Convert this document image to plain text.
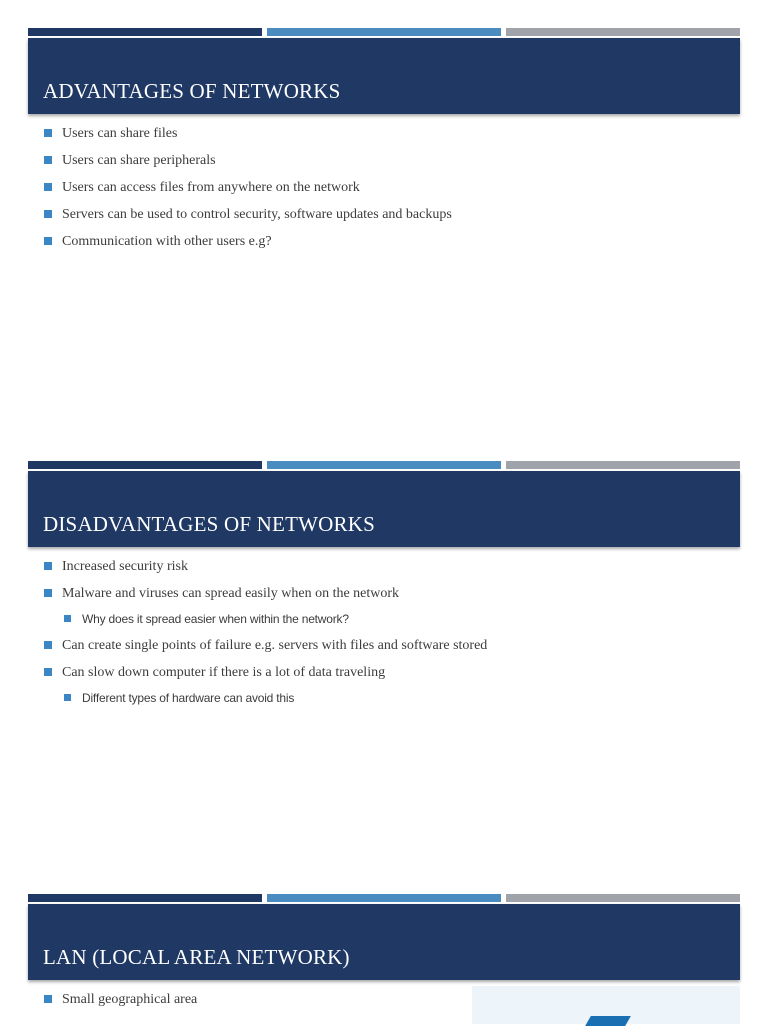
ADVANTAGES OF NETWORKS
Users can share files
Users can share peripherals
Users can access files from anywhere on the network
Servers can be used to control security, software updates and backups
Communication with other users e.g?
DISADVANTAGES OF NETWORKS
Increased security risk
Malware and viruses can spread easily when on the network
Why does it spread easier when within the network?
Can create single points of failure e.g. servers with files and software stored
Can slow down computer if there is a lot of data traveling
Different types of hardware can avoid this
LAN (LOCAL AREA NETWORK)
Small geographical area
